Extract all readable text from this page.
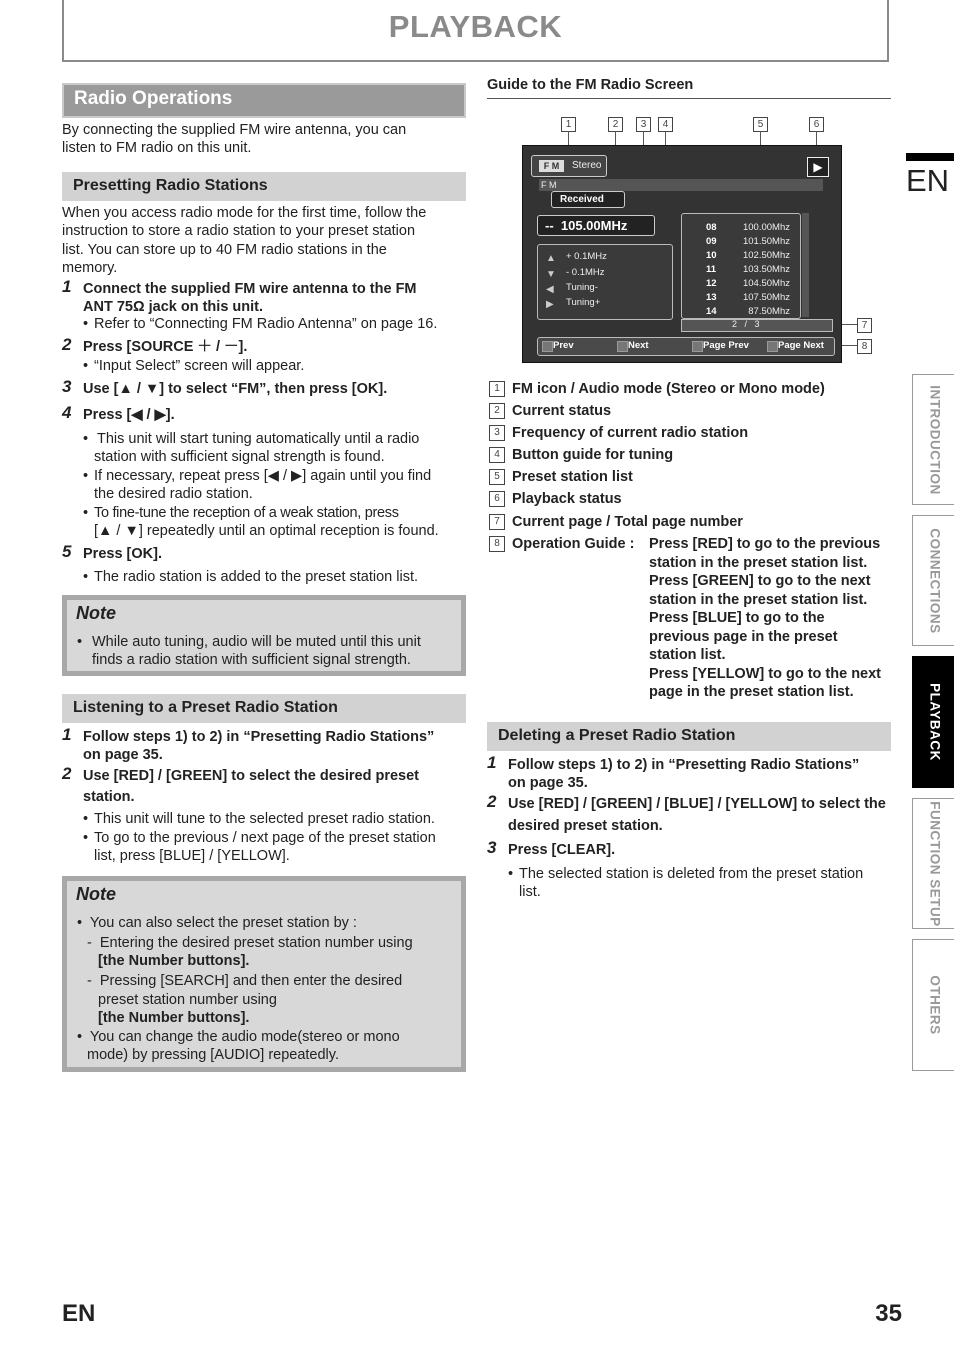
PLAYBACK
EN
INTRODUCTION
CONNECTIONS
PLAYBACK
FUNCTION SETUP
OTHERS
Radio Operations

By connecting the supplied FM wire antenna, you can

listen to FM radio on this unit.

Presetting Radio Stations

When you access radio mode for the first time, follow the

instruction to store a radio station to your preset station

list. You can store up to 40 FM radio stations in the

memory.

1 Connect the supplied FM wire antenna to the FM
ANT 75Ω jack on this unit.
• Refer to “Connecting FM Radio Antenna” on page 16.
2 Press [SOURCE ＋ / －].
• “Input Select” screen will appear.
3 Use [▲ / ▼] to select “FM”, then press [OK].
4 Press [◀ / ▶].
• This unit will start tuning automatically until a radio
station with sufficient signal strength is found.
• If necessary, repeat press [◀ / ▶] again until you find
the desired radio station.
• To fine-tune the reception of a weak station, press
[▲ / ▼] repeatedly until an optimal reception is found.
5 Press [OK].
• The radio station is added to the preset station list.
Note
• While auto tuning, audio will be muted until this unit
finds a radio station with sufficient signal strength.
Listening to a Preset Radio Station
1 Follow steps 1) to 2) in “Presetting Radio Stations”
on page 35.
2 Use [RED] / [GREEN] to select the desired preset
station.
• This unit will tune to the selected preset radio station.
• To go to the previous / next page of the preset station
list, press [BLUE] / [YELLOW].
Note

•  You can also select the preset station by :

-  Entering the desired preset station number using

[the Number buttons].

-  Pressing [SEARCH] and then enter the desired

preset station number using

[the Number buttons].

•  You can change the audio mode(stereo or mono

mode) by pressing [AUDIO] repeatedly.

Guide to the FM Radio Screen
1	2	3	4	5	6
7
8
F M	Stereo	▶
F M
Received
--  105.00MHz
▲ + 0.1MHz
▼ - 0.1MHz
◀ Tuning-
▶ Tuning+
08	100.00Mhz
09	101.50Mhz
10	102.50Mhz
11	103.50Mhz
12	104.50Mhz
13	107.50Mhz
14	87.50Mhz
2   /   3
Prev	Next	Page Prev	Page Next
1 FM icon / Audio mode (Stereo or Mono mode)
2 Current status
3 Frequency of current radio station
4 Button guide for tuning
5 Preset station list
6 Playback status
7 Current page / Total page number
8 Operation Guide : Press [RED] to go to the previous
station in the preset station list.
Press [GREEN] to go to the next
station in the preset station list.
Press [BLUE] to go to the
previous page in the preset
station list.
Press [YELLOW] to go to the next
page in the preset station list.
Deleting a Preset Radio Station
1 Follow steps 1) to 2) in “Presetting Radio Stations”
on page 35.
2 Use [RED] / [GREEN] / [BLUE] / [YELLOW] to select the
desired preset station.
3 Press [CLEAR].
• The selected station is deleted from the preset station
list.
EN	35
